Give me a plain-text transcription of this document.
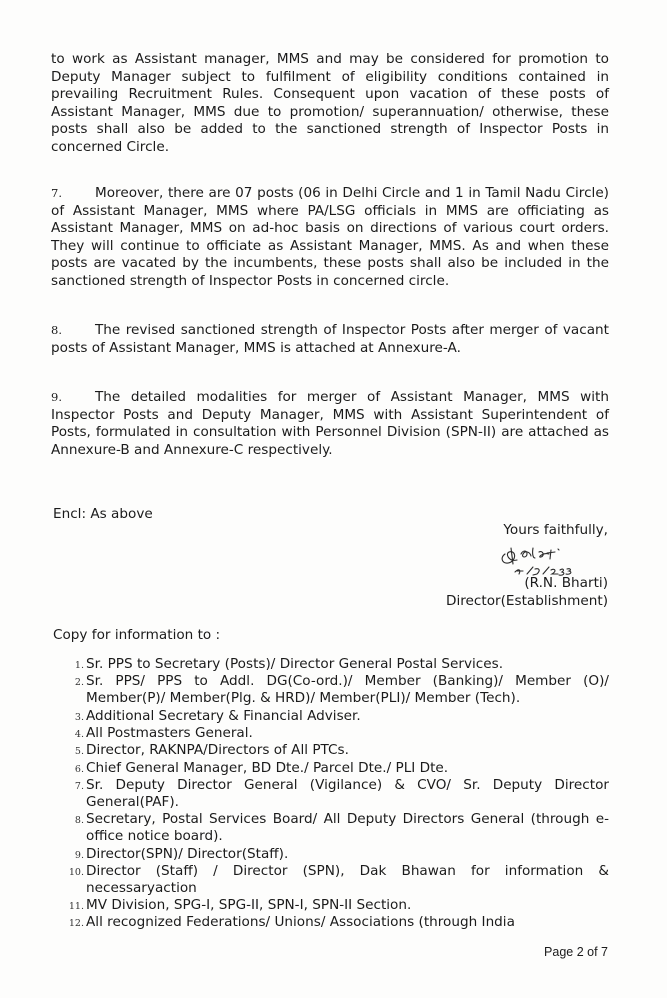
to work as Assistant manager, MMS and may be considered for promotion to Deputy Manager subject to fulfilment of eligibility conditions contained in prevailing Recruitment Rules. Consequent upon vacation of these posts of Assistant Manager, MMS due to promotion/ superannuation/ otherwise, these posts shall also be added to the sanctioned strength of Inspector Posts in concerned Circle.

7. Moreover, there are 07 posts (06 in Delhi Circle and 1 in Tamil Nadu Circle) of Assistant Manager, MMS where PA/LSG officials in MMS are officiating as Assistant Manager, MMS on ad-hoc basis on directions of various court orders. They will continue to officiate as Assistant Manager, MMS. As and when these posts are vacated by the incumbents, these posts shall also be included in the sanctioned strength of Inspector Posts in concerned circle.

8. The revised sanctioned strength of Inspector Posts after merger of vacant posts of Assistant Manager, MMS is attached at Annexure-A.

9. The detailed modalities for merger of Assistant Manager, MMS with Inspector Posts and Deputy Manager, MMS with Assistant Superintendent of Posts, formulated in consultation with Personnel Division (SPN-II) are attached as Annexure-B and Annexure-C respectively.

Encl: As above
Yours faithfully,
(R.N. Bharti)
Director(Establishment)
Copy for information to :
1. Sr. PPS to Secretary (Posts)/ Director General Postal Services.
2. Sr. PPS/ PPS to Addl. DG(Co-ord.)/ Member (Banking)/ Member (O)/ Member(P)/ Member(Plg. & HRD)/ Member(PLI)/ Member (Tech).
3. Additional Secretary & Financial Adviser.
4. All Postmasters General.
5. Director, RAKNPA/Directors of All PTCs.
6. Chief General Manager, BD Dte./ Parcel Dte./ PLI Dte.
7. Sr. Deputy Director General (Vigilance) & CVO/ Sr. Deputy Director General(PAF).
8. Secretary, Postal Services Board/ All Deputy Directors General (through e-office notice board).
9. Director(SPN)/ Director(Staff).
10. Director (Staff) / Director (SPN), Dak Bhawan for information & necessaryaction
11. MV Division, SPG-I, SPG-II, SPN-I, SPN-II Section.
12. All recognized Federations/ Unions/ Associations (through India
Page 2 of 7
